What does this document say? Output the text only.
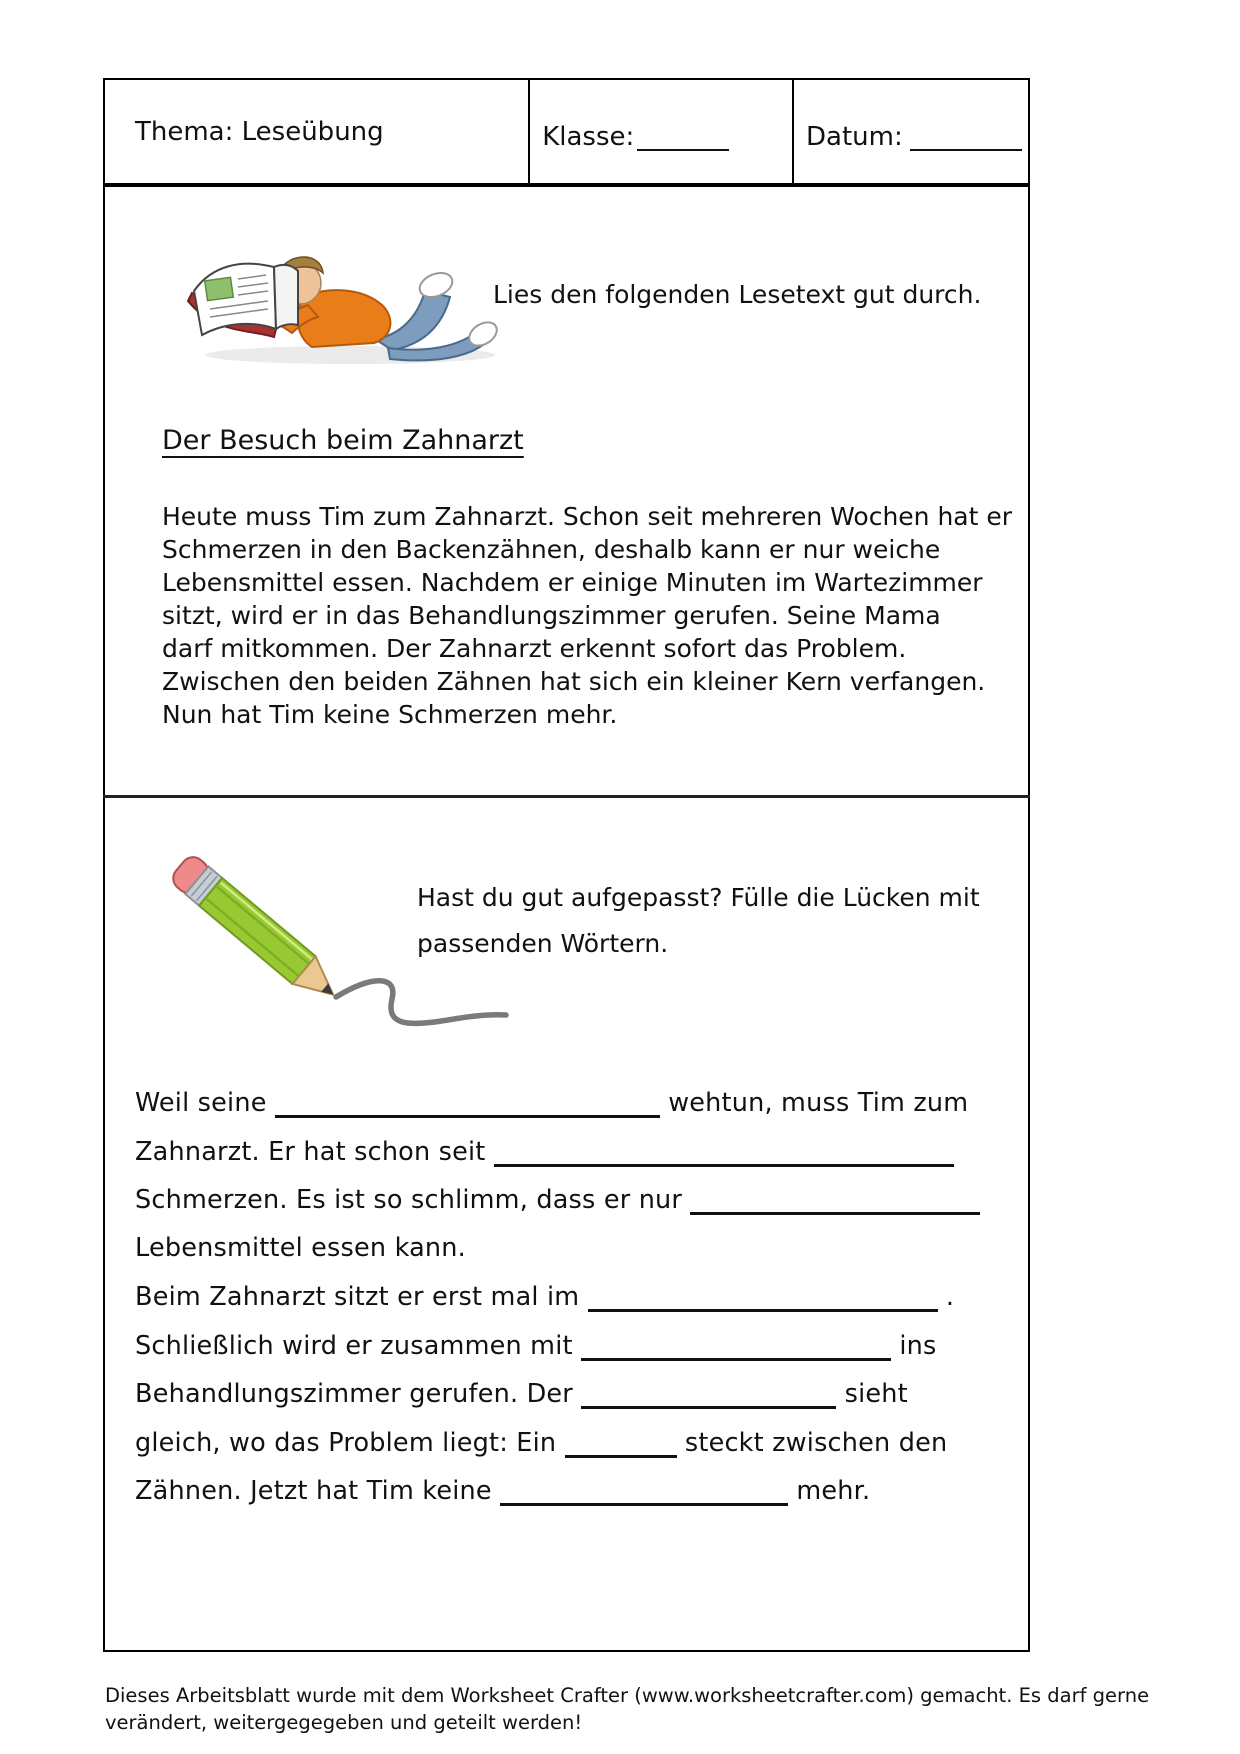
Thema: Leseübung	Klasse:	Datum:
Lies den folgenden Lesetext gut durch.
Der Besuch beim Zahnarzt
Heute muss Tim zum Zahnarzt. Schon seit mehreren Wochen hat er
Schmerzen in den Backenzähnen, deshalb kann er nur weiche
Lebensmittel essen. Nachdem er einige Minuten im Wartezimmer
sitzt, wird er in das Behandlungszimmer gerufen. Seine Mama
darf mitkommen. Der Zahnarzt erkennt sofort das Problem.
Zwischen den beiden Zähnen hat sich ein kleiner Kern verfangen.
Nun hat Tim keine Schmerzen mehr.
Hast du gut aufgepasst? Fülle die Lücken mit
passenden Wörtern.
Weil seine	wehtun, muss Tim zum
Zahnarzt. Er hat schon seit
Schmerzen. Es ist so schlimm, dass er nur
Lebensmittel essen kann.
Beim Zahnarzt sitzt er erst mal im	.
Schließlich wird er zusammen mit	ins
Behandlungszimmer gerufen. Der	sieht
gleich, wo das Problem liegt: Ein	steckt zwischen den
Zähnen. Jetzt hat Tim keine	mehr.
Dieses Arbeitsblatt wurde mit dem Worksheet Crafter (www.worksheetcrafter.com) gemacht. Es darf gerne
verändert, weitergegegeben und geteilt werden!
